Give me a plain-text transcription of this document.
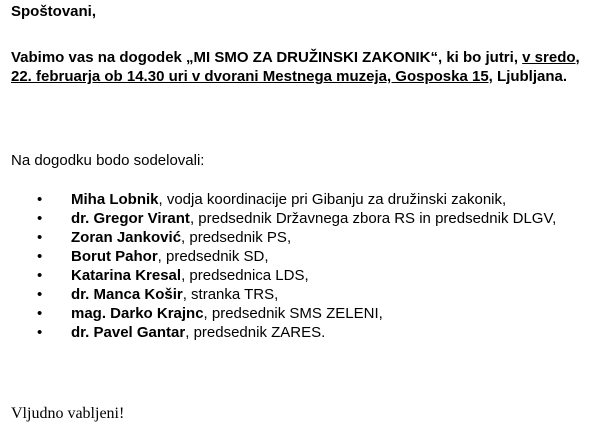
Spoštovani,
Vabimo vas na dogodek „MI SMO ZA DRUŽINSKI ZAKONIK“, ki bo jutri, v sredo, 22. februarja ob 14.30 uri v dvorani Mestnega muzeja, Gosposka 15, Ljubljana.
Na dogodku bodo sodelovali:
• Miha Lobnik, vodja koordinacije pri Gibanju za družinski zakonik,
• dr. Gregor Virant, predsednik Državnega zbora RS in predsednik DLGV,
• Zoran Janković, predsednik PS,
• Borut Pahor, predsednik SD,
• Katarina Kresal, predsednica LDS,
• dr. Manca Košir, stranka TRS,
• mag. Darko Krajnc, predsednik SMS ZELENI,
• dr. Pavel Gantar, predsednik ZARES.
Vljudno vabljeni!
